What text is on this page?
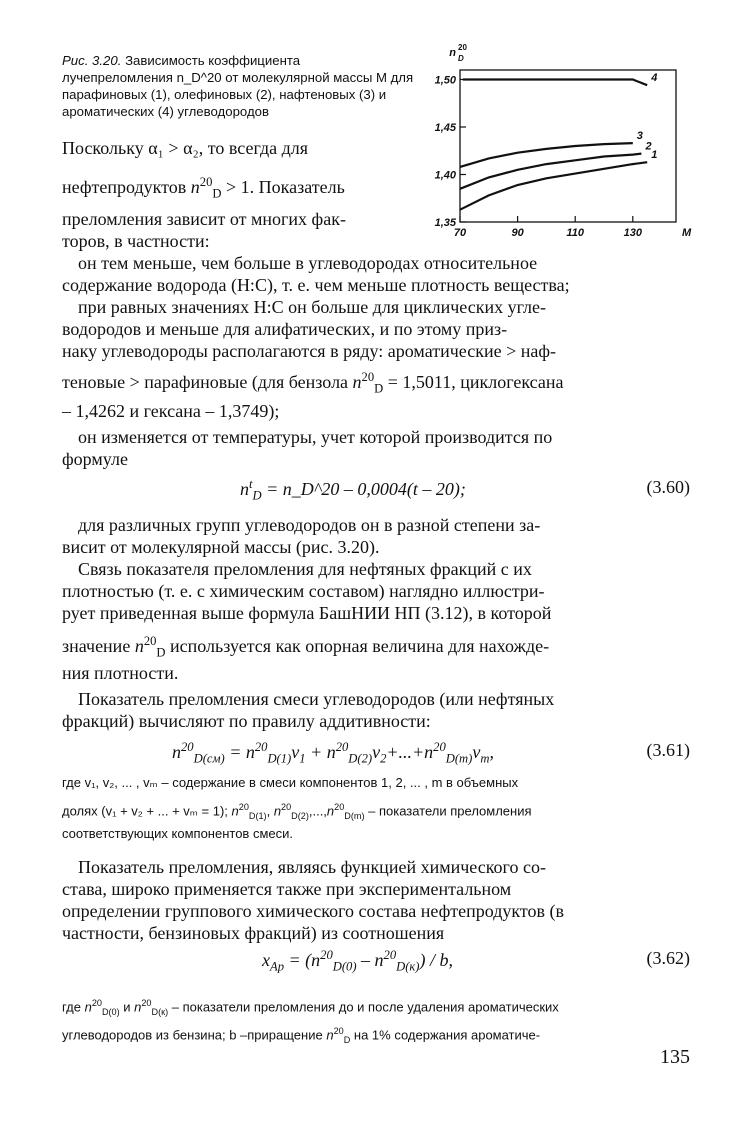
Рис. 3.20. Зависимость коэффициента лучепреломления n_D^20 от молекулярной массы M для парафиновых (1), олефиновых (2), нафтеновых (3) и ароматических (4) углеводородов
1,35
1,40
1,45
1,50
70	90	110	130	M
n 20
D
1
2
3
4
Поскольку α₁ > α₂, то всегда для
нефтепродуктов $n^{20}_D > 1$. Показатель
преломления зависит от многих фак-
торов, в частности:
он тем меньше, чем больше в углеводородах относительное
содержание водорода (Н:С), т. е. чем меньше плотность вещества;
при равных значениях Н:С он больше для циклических угле-
водородов и меньше для алифатических, и по этому приз-
наку углеводороды располагаются в ряду: ароматические > наф-
теновые > парафиновые (для бензола $n^{20}_D = 1,5011$, циклогексана
– 1,4262 и гексана – 1,3749);
он изменяется от температуры, учет которой производится по
формуле
$n^t_D$ = n_D^20 – 0,0004(t – 20);	(3.60)
для различных групп углеводородов он в разной степени за-
висит от молекулярной массы (рис. 3.20).
Связь показателя преломления для нефтяных фракций с их
плотностью (т. е. с химическим составом) наглядно иллюстри-
рует приведенная выше формула БашНИИ НП (3.12), в которой
значение $n^{20}_D$ используется как опорная величина для нахожде-
ния плотности.
Показатель преломления смеси углеводородов (или нефтяных
фракций) вычисляют по правилу аддитивности:
$n^{20}_{D(см)} = n^{20}_{D(1)}v_1 + n^{20}_{D(2)}v_2+...+n^{20}_{D(m)}v_m$,	(3.61)
где v₁, v₂, ... , vₘ – содержание в смеси компонентов 1, 2, ... , m в объемных
долях (v₁ + v₂ + ... + vₘ = 1); $n^{20}_{D(1)}$, $n^{20}_{D(2)},...,n^{20}_{D(m)}$ – показатели преломления
соответствующих компонентов смеси.
Показатель преломления, являясь функцией химического со-
става, широко применяется также при экспериментальном
определении группового химического состава нефтепродуктов (в
частности, бензиновых фракций) из соотношения
$x_{Ap} = (n^{20}_{D(0)} - n^{20}_{D(к)}) / b$,	(3.62)
где $n^{20}_{D(0)}$ и $n^{20}_{D(к)}$ – показатели преломления до и после удаления ароматических
углеводородов из бензина; b –приращение $n^{20}_D$ на 1% содержания ароматиче-
135
